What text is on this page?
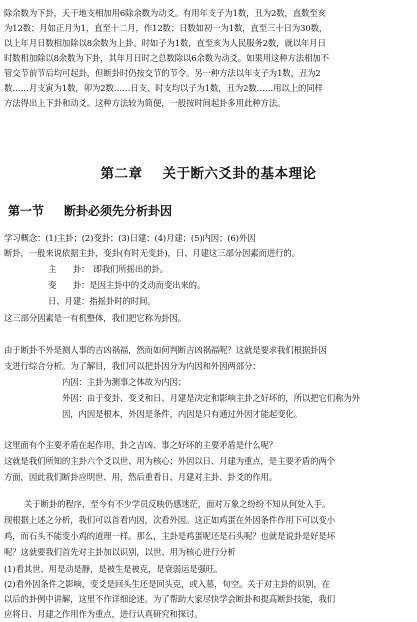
除余数为下卦，天干地支相加用6除余数为动爻。有用年支子为1数，丑为2数，直数至亥

为12数；月如正月为1，直至十二月，作12数；日数如初一为1数，直至三十日为30数，

以上年月日数相加除以8余数为上卦。时如子为1数，直至亥为人民服务2数，就以年月日

时数相加除以8余数为下卦，其年月日时之总数除以6余数为动爻。如果用这种方法相加不

管交节前节后均可起卦，但断卦时仍按交节的节令。另一种方法以年支子为1数，丑为2

数……月支寅为1数，卯为2数……日支、时支均以子为1数，丑为2数……用以上的同样

方法得出上下卦和动爻。这种方法较为简便，一般按时间起卦多用此种方法。

第二章 关于断六爻卦的基本理论
第一节 断卦必须先分析卦因

学习概念：(1)主卦；(2)变卦；(3)日建；(4)月建；(5)内因；(6)外因

断卦，一般来说依据主卦，变卦(有时无变卦)，日、月建这三部分因素而进行的。

主　　卦：　即我们所摇出的卦。

变　　卦：是因主卦中的爻动而变出来的。

日、月建：指摇卦时的时间。

这三部分因素是一有机整体，我们把它称为卦因。

由于断卦不外是测人事的吉凶祸福，然而如何判断吉凶祸福呢？这就是要求我们根据卦因

支进行综合分析。为了解目，我们可以把卦因分为内因和外因两部分：

内因：主卦为测事之体故为内因；

外因：由于变卦、变爻和日、月建是决定和影响主卦之好坏的，所以把它们称为外

因，内因是根本，外因是条件，内因是只有通过外因才能起变化。

这里面有个主要矛盾在起作用，卦之吉凶、事之好坏的主要矛盾是什么呢？

这就是我们所知的主卦六个爻以世、用为核心；外因以日、月建为重点，是主要矛盾的两个

方面，因此我们断卦应明世、用，然后重看日、月建对主卦、卦爻的作用。

关于断卦的程序，至今有不少学员反映仍感迷茫，面对万象之纷纷不知从何处入手。

现根据上述之分析，我们可以首看内因，次看外因。这正如鸡蛋在外因条件作用下可以变小

鸡，而石头不能变小鸡的道理一样。那么，主卦是鸡蛋呢还是石头呢？也就是说卦是好是坏

呢？这就要我们首先对主卦加以识别，以世、用为核心进行分析

(1)看其世、用是动是静，是被生是被克，是衰弱运是强旺。

(2)看外因条件之影响，变爻是回头生还是回头克，或入墓，旬空。关于对主卦的识别，在

以后的卦例中讲解，这里不作详细论述。为了帮助大家尽快学会断卦和提高断卦技能，我们

应将日、月建之作用作为重点，进行认真研究和探讨。
